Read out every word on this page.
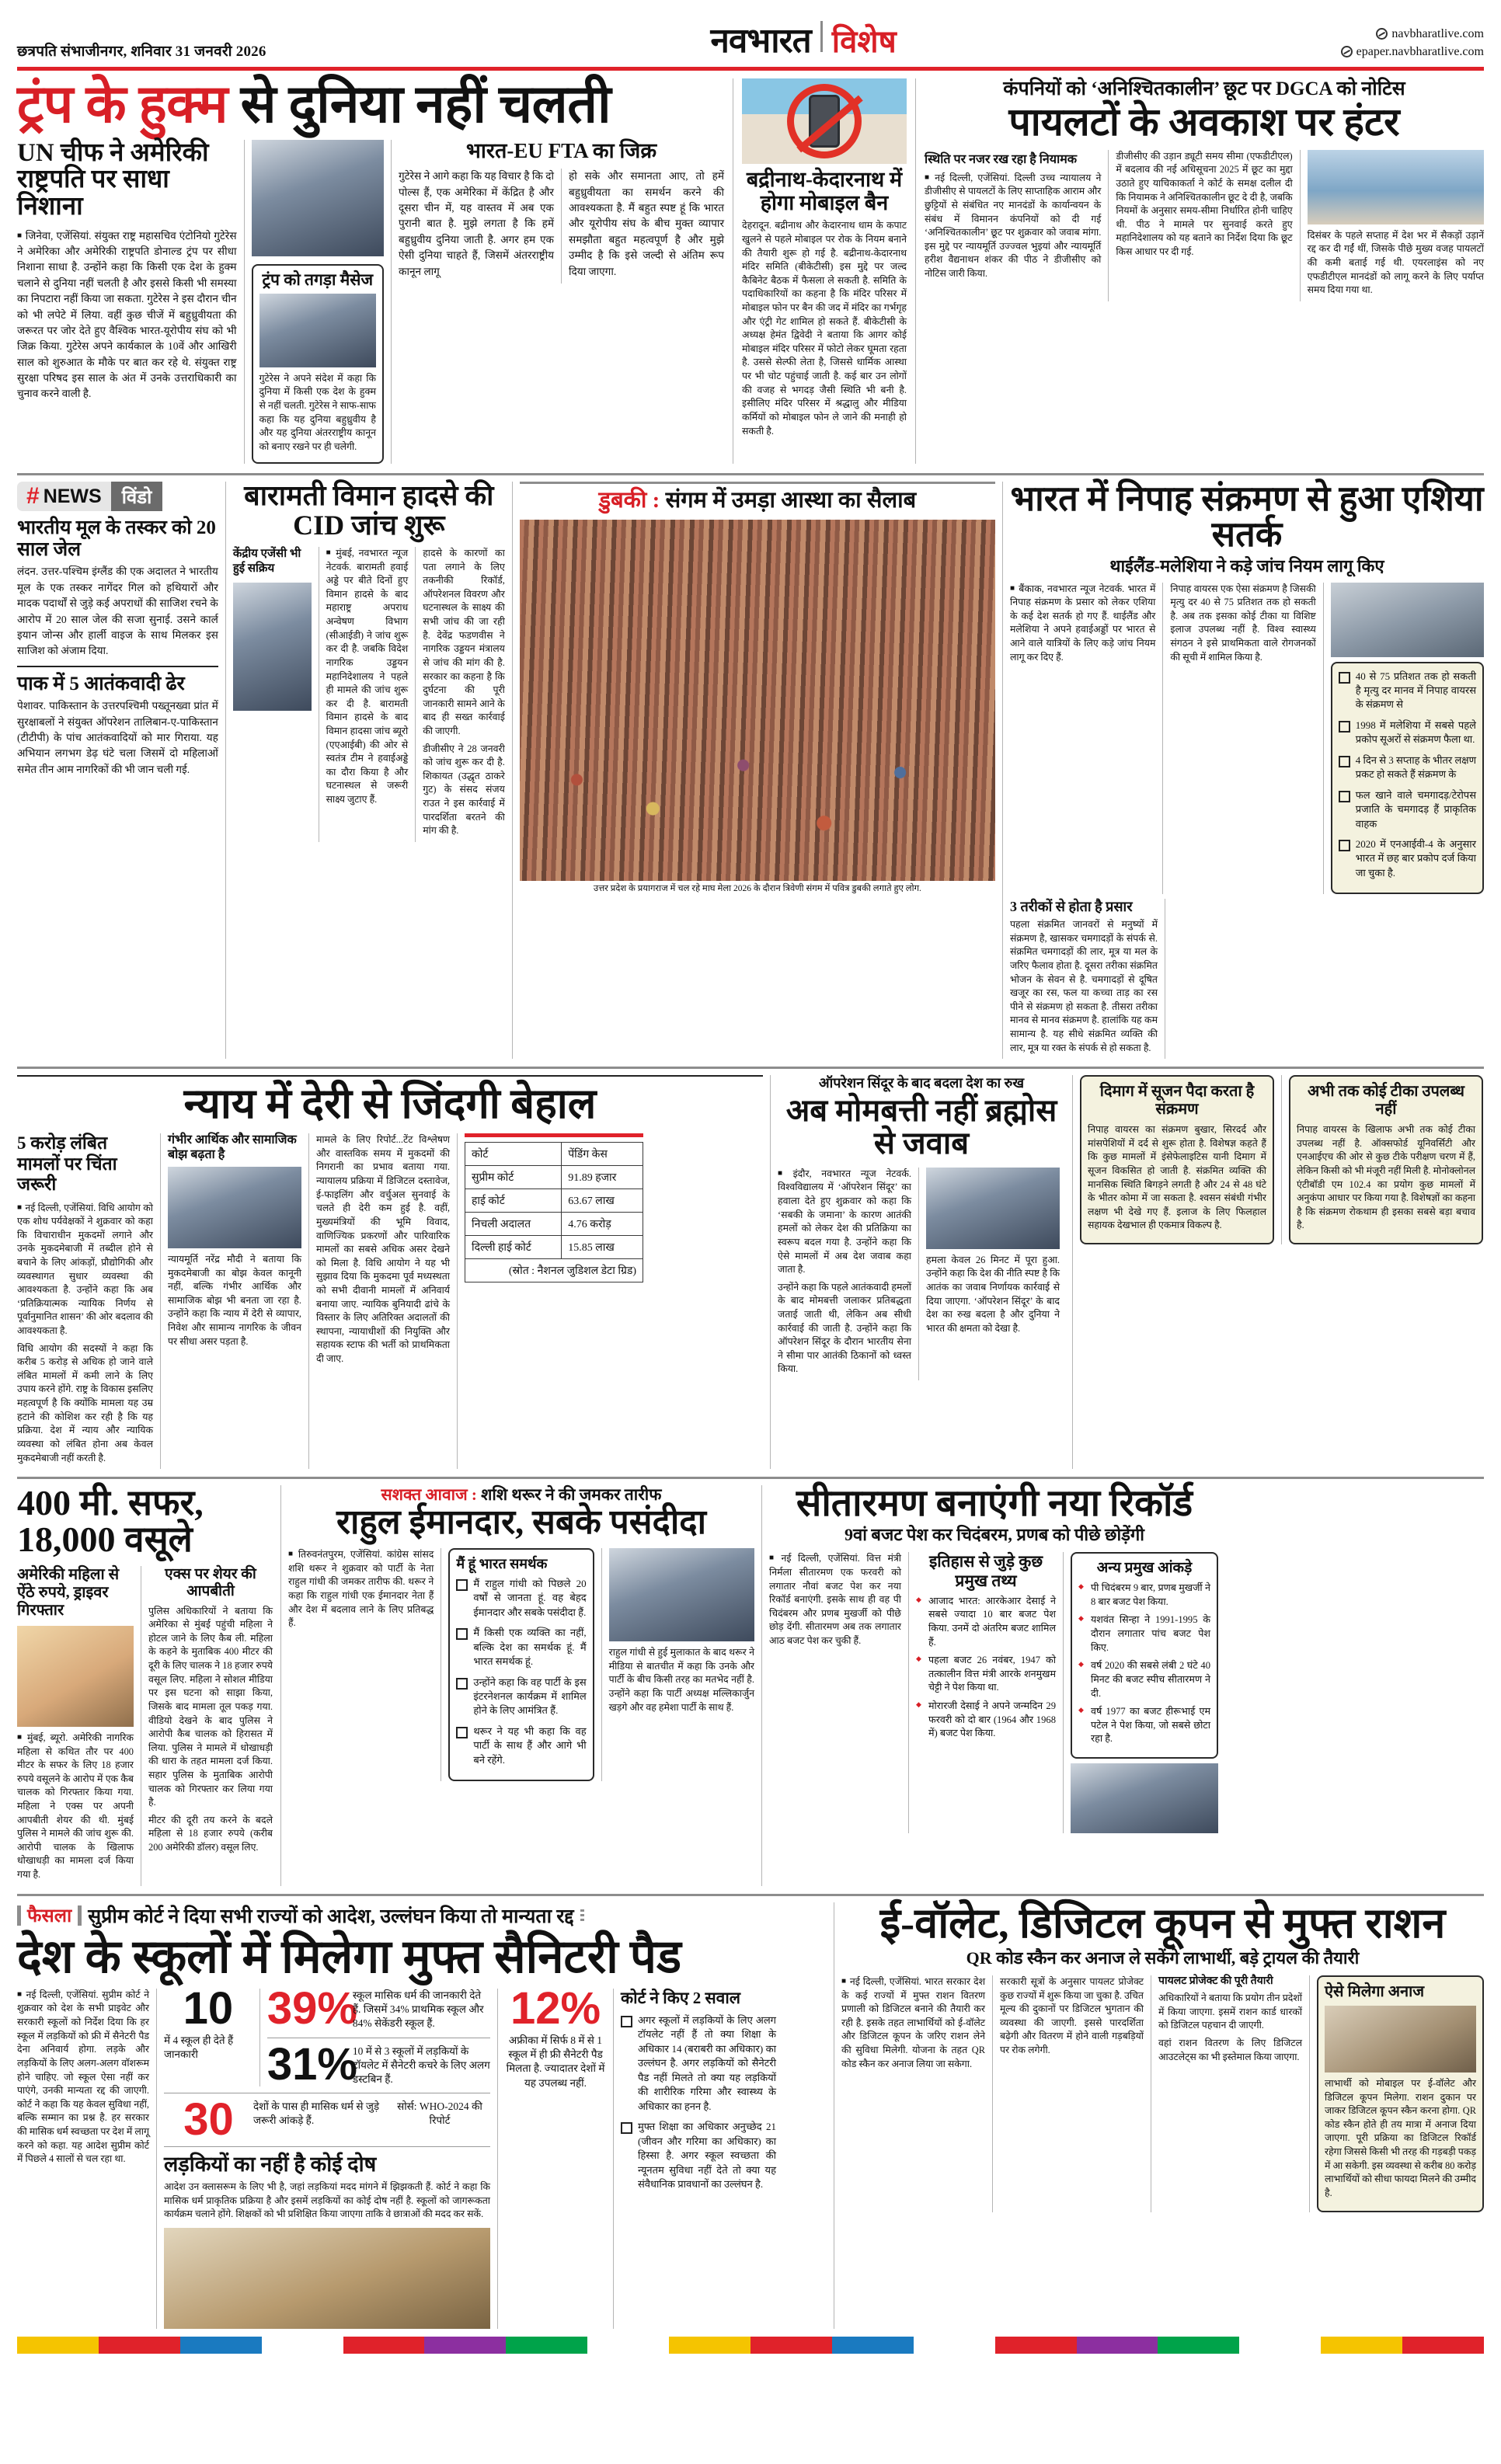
छत्रपति संभाजीनगर, शनिवार 31 जनवरी 2026	नवभारत विशेष	navbharatlive.com
epaper.navbharatlive.com
ट्रंप के हुक्म से दुनिया नहीं चलती
UN चीफ ने अमेरिकी राष्ट्रपति पर साधा निशाना

■ जिनेवा, एजेंसियां. संयुक्त राष्ट्र महासचिव एंटोनियो गुटेरेस ने अमेरिका और अमेरिकी राष्ट्रपति डोनाल्ड ट्रंप पर सीधा निशाना साधा है. उन्होंने कहा कि किसी एक देश के हुक्म चलाने से दुनिया नहीं चलती है और इससे किसी भी समस्या का निपटारा नहीं किया जा सकता. गुटेरेस ने इस दौरान चीन को भी लपेटे में लिया. वहीं कुछ चीजें में बहुध्रुवीयता की जरूरत पर जोर देते हुए वैश्विक भारत-यूरोपीय संघ को भी जिक्र किया. गुटेरेस अपने कार्यकाल के 10वें और आखिरी साल को शुरुआत के मौके पर बात कर रहे थे. संयुक्त राष्ट्र सुरक्षा परिषद इस साल के अंत में उनके उत्तराधिकारी का चुनाव करने वाली है.

ट्रंप को तगड़ा मैसेज

गुटेरेस ने अपने संदेश में कहा कि दुनिया में किसी एक देश के हुक्म से नहीं चलती. गुटेरेस ने साफ-साफ कहा कि यह दुनिया बहुध्रुवीय है और यह दुनिया अंतरराष्ट्रीय कानून को बनाए रखने पर ही चलेगी.

भारत-EU FTA का जिक्र

गुटेरेस ने आगे कहा कि यह विचार है कि दो पोल्स हैं, एक अमेरिका में केंद्रित है और दूसरा चीन में, यह वास्तव में अब एक पुरानी बात है. मुझे लगता है कि हमें बहुध्रुवीय दुनिया जाती है. अगर हम एक ऐसी दुनिया चाहते हैं, जिसमें अंतरराष्ट्रीय कानून लागू

हो सके और समानता आए, तो हमें बहुध्रुवीयता का समर्थन करने की आवश्यकता है. मैं बहुत स्पष्ट हूं कि भारत और यूरोपीय संघ के बीच मुक्त व्यापार समझौता बहुत महत्वपूर्ण है और मुझे उम्मीद है कि इसे जल्दी से अंतिम रूप दिया जाएगा.

बद्रीनाथ-केदारनाथ में होगा मोबाइल बैन

देहरादून. बद्रीनाथ और केदारनाथ धाम के कपाट खुलने से पहले मोबाइल पर रोक के नियम बनाने की तैयारी शुरू हो गई है. बद्रीनाथ-केदारनाथ मंदिर समिति (बीकेटीसी) इस मुद्दे पर जल्द कैबिनेट बैठक में फैसला ले सकती है. समिति के पदाधिकारियों का कहना है कि मंदिर परिसर में मोबाइल फोन पर बैन की जद में मंदिर का गर्भगृह और एंट्री गेट शामिल हो सकते हैं. बीकेटीसी के अध्यक्ष हेमंत द्विवेदी ने बताया कि आगर कोई मोबाइल मंदिर परिसर में फोटो लेकर घूमता रहता है. उससे सेल्फी लेता है, जिससे धार्मिक आस्था पर भी चोट पहुंचाई जाती है. कई बार उन लोगों की वजह से भगदड़ जैसी स्थिति भी बनी है. इसीलिए मंदिर परिसर में श्रद्धालु और मीडिया कर्मियों को मोबाइल फोन ले जाने की मनाही हो सकती है.

कंपनियों को ‘अनिश्चितकालीन’ छूट पर DGCA को नोटिस
पायलटों के अवकाश पर हंटर
स्थिति पर नजर रख रहा है नियामक

■ नई दिल्ली, एजेंसियां. दिल्ली उच्च न्यायालय ने डीजीसीए से पायलटों के लिए साप्ताहिक आराम और छुट्टियों से संबंधित नए मानदंडों के कार्यान्वयन के संबंध में विमानन कंपनियों को दी गई ‘अनिश्चितकालीन’ छूट पर शुक्रवार को जवाब मांगा. इस मुद्दे पर न्यायमूर्ति उज्ज्वल भुइयां और न्यायमूर्ति हरीश वैद्यनाथन शंकर की पीठ ने डीजीसीए को नोटिस जारी किया.

डीजीसीए की उड़ान ड्यूटी समय सीमा (एफडीटीएल) में बदलाव की नई अधिसूचना 2025 में छूट का मुद्दा उठाते हुए याचिकाकर्ता ने कोर्ट के समक्ष दलील दी कि नियामक ने अनिश्चितकालीन छूट दे दी है, जबकि नियमों के अनुसार समय-सीमा निर्धारित होनी चाहिए थी. पीठ ने मामले पर सुनवाई करते हुए महानिदेशालय को यह बताने का निर्देश दिया कि छूट किस आधार पर दी गई.

दिसंबर के पहले सप्ताह में देश भर में सैकड़ों उड़ानें रद्द कर दी गईं थीं, जिसके पीछे मुख्य वजह पायलटों की कमी बताई गई थी. एयरलाइंस को नए एफडीटीएल मानदंडों को लागू करने के लिए पर्याप्त समय दिया गया था.

# NEWS	विंडो
भारतीय मूल के तस्कर को 20 साल जेल

लंदन. उत्तर-पश्चिम इंग्लैंड की एक अदालत ने भारतीय मूल के एक तस्कर नागेंदर गिल को हथियारों और मादक पदार्थों से जुड़े कई अपराधों की साजिश रचने के आरोप में 20 साल जेल की सजा सुनाई. उसने कार्ल इयान जोन्स और हार्ली वाइज के साथ मिलकर इस साजिश को अंजाम दिया.

पाक में 5 आतंकवादी ढेर

पेशावर. पाकिस्तान के उत्तरपश्चिमी पख्तूनख्वा प्रांत में सुरक्षाबलों ने संयुक्त ऑपरेशन तालिबान-ए-पाकिस्तान (टीटीपी) के पांच आतंकवादियों को मार गिराया. यह अभियान लगभग डेढ़ घंटे चला जिसमें दो महिलाओं समेत तीन आम नागरिकों की भी जान चली गई.

बारामती विमान हादसे की CID जांच शुरू
केंद्रीय एजेंसी भी हुई सक्रिय

■ मुंबई, नवभारत न्यूज नेटवर्क. बारामती हवाई अड्डे पर बीते दिनों हुए विमान हादसे के बाद महाराष्ट्र अपराध अन्वेषण विभाग (सीआईडी) ने जांच शुरू कर दी है. जबकि विदेश नागरिक उड्डयन महानिदेशालय ने पहले ही मामले की जांच शुरू कर दी है. बारामती विमान हादसे के बाद विमान हादसा जांच ब्यूरो (एएआईबी) की ओर से स्वतंत्र टीम ने हवाईअड्डे का दौरा किया है और घटनास्थल से जरूरी साक्ष्य जुटाए हैं.

हादसे के कारणों का पता लगाने के लिए तकनीकी रिकॉर्ड, ऑपरेशनल विवरण और घटनास्थल के साक्ष्य की सभी जांच की जा रही है. देवेंद्र फडणवीस ने नागरिक उड्डयन मंत्रालय से जांच की मांग की है. सरकार का कहना है कि दुर्घटना की पूरी जानकारी सामने आने के बाद ही सख्त कार्रवाई की जाएगी.

डीजीसीए ने 28 जनवरी को जांच शुरू कर दी है. शिकायत (उद्धृत ठाकरे गुट) के संसद संजय राउत ने इस कार्रवाई में पारदर्शिता बरतने की मांग की है.

डुबकी : संगम में उमड़ा आस्था का सैलाब
उत्तर प्रदेश के प्रयागराज में चल रहे माघ मेला 2026 के दौरान त्रिवेणी संगम में पवित्र डुबकी लगाते हुए लोग.
भारत में निपाह संक्रमण से हुआ एशिया सतर्क
थाईलैंड-मलेशिया ने कड़े जांच नियम लागू किए

■ बैंकाक, नवभारत न्यूज नेटवर्क. भारत में निपाह संक्रमण के प्रसार को लेकर एशिया के कई देश सतर्क हो गए हैं. थाईलैंड और मलेशिया ने अपने हवाईअड्डों पर भारत से आने वाले यात्रियों के लिए कड़े जांच नियम लागू कर दिए हैं.

निपाह वायरस एक ऐसा संक्रमण है जिसकी मृत्यु दर 40 से 75 प्रतिशत तक हो सकती है. अब तक इसका कोई टीका या विशिष्ट इलाज उपलब्ध नहीं है. विश्व स्वास्थ्य संगठन ने इसे प्राथमिकता वाले रोगजनकों की सूची में शामिल किया है.

40 से 75 प्रतिशत तक हो सकती है मृत्यु दर मानव में निपाह वायरस के संक्रमण से
1998 में मलेशिया में सबसे पहले प्रकोप सूअरों से संक्रमण फैला था.
4 दिन से 3 सप्ताह के भीतर लक्षण प्रकट हो सकते हैं संक्रमण के
फल खाने वाले चमगादड़/टेरोपस प्रजाति के चमगादड़ हैं प्राकृतिक वाहक
2020 में एनआईवी-4 के अनुसार भारत में छह बार प्रकोप दर्ज किया जा चुका है.
3 तरीकों से होता है प्रसार

पहला संक्रमित जानवरों से मनुष्यों में संक्रमण है, खासकर चमगादड़ों के संपर्क से. संक्रमित चमगादड़ों की लार, मूत्र या मल के जरिए फैलाव होता है. दूसरा तरीका संक्रमित भोजन के सेवन से है. चमगादड़ों से दूषित खजूर का रस, फल या कच्चा ताड़ का रस पीने से संक्रमण हो सकता है. तीसरा तरीका मानव से मानव संक्रमण है. हालांकि यह कम सामान्य है. यह सीधे संक्रमित व्यक्ति की लार, मूत्र या रक्त के संपर्क से हो सकता है.

न्याय में देरी से जिंदगी बेहाल
5 करोड़ लंबित मामलों पर चिंता जरूरी

■ नई दिल्ली, एजेंसियां. विधि आयोग को एक शोध पर्यवेक्षकों ने शुक्रवार को कहा कि विचाराधीन मुकदमों लगाने और उनके मुकदमेबाजी में तब्दील होने से बचाने के लिए आंकड़ों, प्रौद्योगिकी और व्यवस्थागत सुधार व्यवस्था की आवश्यकता है. उन्होंने कहा कि अब ‘प्रतिक्रियात्मक न्यायिक निर्णय से पूर्वानुमानित शासन’ की ओर बदलाव की आवश्यकता है.

विधि आयोग की सदस्यों ने कहा कि करीब 5 करोड़ से अधिक हो जाने वाले लंबित मामलों में कमी लाने के लिए उपाय करने होंगे. राष्ट्र के विकास इसलिए महत्वपूर्ण है कि क्योंकि मामला यह उम्र हटाने की कोशिश कर रही है कि यह प्रक्रिया. देश में न्याय और न्यायिक व्यवस्था को लंबित होना अब केवल मुकदमेबाजी नहीं करती है.

गंभीर आर्थिक और सामाजिक बोझ बढ़ता है

न्यायमूर्ति नरेंद्र मौदी ने बताया कि मुकदमेबाजी का बोझ केवल कानूनी नहीं, बल्कि गंभीर आर्थिक और सामाजिक बोझ भी बनता जा रहा है. उन्होंने कहा कि न्याय में देरी से व्यापार, निवेश और सामान्य नागरिक के जीवन पर सीधा असर पड़ता है.

मामले के लिए रिपोर्ट...टेंट विश्लेषण और वास्तविक समय में मुकदमों की निगरानी का प्रभाव बताया गया. न्यायालय प्रक्रिया में डिजिटल दस्तावेज, ई-फाइलिंग और वर्चुअल सुनवाई के चलते ही देरी कम हुई है. वहीं, मुख्यमंत्रियों की भूमि विवाद, वाणिज्यिक प्रकरणों और पारिवारिक मामलों का सबसे अधिक असर देखने को मिला है. विधि आयोग ने यह भी सुझाव दिया कि मुकदमा पूर्व मध्यस्थता को सभी दीवानी मामलों में अनिवार्य बनाया जाए. न्यायिक बुनियादी ढांचे के विस्तार के लिए अतिरिक्त अदालतों की स्थापना, न्यायाधीशों की नियुक्ति और सहायक स्टाफ की भर्ती को प्राथमिकता दी जाए.

कोर्ट	पेंडिंग केस
सुप्रीम कोर्ट	91.89 हजार
हाई कोर्ट	63.67 लाख
निचली अदालत	4.76 करोड़
दिल्ली हाई कोर्ट	15.85 लाख
(स्रोत : नैशनल जुडिशल डेटा ग्रिड)	
ऑपरेशन सिंदूर के बाद बदला देश का रुख
अब मोमबत्ती नहीं ब्रह्मोस से जवाब

■ इंदौर, नवभारत न्यूज नेटवर्क. विश्वविद्यालय में ‘ऑपरेशन सिंदूर’ का हवाला देते हुए शुक्रवार को कहा कि ‘सबकी के जमाना’ के कारण आतंकी हमलों को लेकर देश की प्रतिक्रिया का स्वरूप बदल गया है. उन्होंने कहा कि ऐसे मामलों में अब देश जवाब कहा जाता है.

उन्होंने कहा कि पहले आतंकवादी हमलों के बाद मोमबत्ती जलाकर प्रतिबद्धता जताई जाती थी, लेकिन अब सीधी कार्रवाई की जाती है. उन्होंने कहा कि ऑपरेशन सिंदूर के दौरान भारतीय सेना ने सीमा पार आतंकी ठिकानों को ध्वस्त किया.

हमला केवल 26 मिनट में पूरा हुआ. उन्होंने कहा कि देश की नीति स्पष्ट है कि आतंक का जवाब निर्णायक कार्रवाई से दिया जाएगा. ‘ऑपरेशन सिंदूर’ के बाद देश का रुख बदला है और दुनिया ने भारत की क्षमता को देखा है.

दिमाग में सूजन पैदा करता है संक्रमण

निपाह वायरस का संक्रमण बुखार, सिरदर्द और मांसपेशियों में दर्द से शुरू होता है. विशेषज्ञ कहते हैं कि कुछ मामलों में इंसेफेलाइटिस यानी दिमाग में सूजन विकसित हो जाती है. संक्रमित व्यक्ति की मानसिक स्थिति बिगड़ने लगती है और 24 से 48 घंटे के भीतर कोमा में जा सकता है. श्वसन संबंधी गंभीर लक्षण भी देखे गए हैं. इलाज के लिए फिलहाल सहायक देखभाल ही एकमात्र विकल्प है.

अभी तक कोई टीका उपलब्ध नहीं

निपाह वायरस के खिलाफ अभी तक कोई टीका उपलब्ध नहीं है. ऑक्सफोर्ड यूनिवर्सिटी और एनआईएच की ओर से कुछ टीके परीक्षण चरण में हैं, लेकिन किसी को भी मंजूरी नहीं मिली है. मोनोक्लोनल एंटीबॉडी एम 102.4 का प्रयोग कुछ मामलों में अनुकंपा आधार पर किया गया है. विशेषज्ञों का कहना है कि संक्रमण रोकथाम ही इसका सबसे बड़ा बचाव है.

400 मी. सफर, 18,000 वसूले
अमेरिकी महिला से ऐंठे रुपये, ड्राइवर गिरफ्तार

■ मुंबई, ब्यूरो. अमेरिकी नागरिक महिला से कथित तौर पर 400 मीटर के सफर के लिए 18 हजार रुपये वसूलने के आरोप में एक कैब चालक को गिरफ्तार किया गया. महिला ने एक्स पर अपनी आपबीती शेयर की थी. मुंबई पुलिस ने मामले की जांच शुरू की. आरोपी चालक के खिलाफ धोखाधड़ी का मामला दर्ज किया गया है.

एक्स पर शेयर की आपबीती

पुलिस अधिकारियों ने बताया कि अमेरिका से मुंबई पहुंची महिला ने होटल जाने के लिए कैब ली. महिला के कहने के मुताबिक 400 मीटर की दूरी के लिए चालक ने 18 हजार रुपये वसूल लिए. महिला ने सोशल मीडिया पर इस घटना को साझा किया, जिसके बाद मामला तूल पकड़ गया. वीडियो देखने के बाद पुलिस ने आरोपी कैब चालक को हिरासत में लिया. पुलिस ने मामले में धोखाधड़ी की धारा के तहत मामला दर्ज किया. सहार पुलिस के मुताबिक आरोपी चालक को गिरफ्तार कर लिया गया है.

मीटर की दूरी तय करने के बदले महिला से 18 हजार रुपये (करीब 200 अमेरिकी डॉलर) वसूल लिए.

सशक्त आवाज : शशि थरूर ने की जमकर तारीफ
राहुल ईमानदार, सबके पसंदीदा

■ तिरुवनंतपुरम, एजेंसियां. कांग्रेस सांसद शशि थरूर ने शुक्रवार को पार्टी के नेता राहुल गांधी की जमकर तारीफ की. थरूर ने कहा कि राहुल गांधी एक ईमानदार नेता हैं और देश में बदलाव लाने के लिए प्रतिबद्ध हैं.

मैं हूं भारत समर्थक
मैं राहुल गांधी को पिछले 20 वर्षों से जानता हूं. वह बेहद ईमानदार और सबके पसंदीदा हैं.
मैं किसी एक व्यक्ति का नहीं, बल्कि देश का समर्थक हूं. मैं भारत समर्थक हूं.
उन्होंने कहा कि वह पार्टी के इस इंटरनेशनल कार्यक्रम में शामिल होने के लिए आमंत्रित हैं.
थरूर ने यह भी कहा कि वह पार्टी के साथ हैं और आगे भी बने रहेंगे.

राहुल गांधी से हुई मुलाकात के बाद थरूर ने मीडिया से बातचीत में कहा कि उनके और पार्टी के बीच किसी तरह का मतभेद नहीं है. उन्होंने कहा कि पार्टी अध्यक्ष मल्लिकार्जुन खड़गे और वह हमेशा पार्टी के साथ हैं.

सीतारमण बनाएंगी नया रिकॉर्ड
9वां बजट पेश कर चिदंबरम, प्रणब को पीछे छोड़ेंगी

■ नई दिल्ली, एजेंसियां. वित्त मंत्री निर्मला सीतारमण एक फरवरी को लगातार नौवां बजट पेश कर नया रिकॉर्ड बनाएंगी. इसके साथ ही वह पी चिदंबरम और प्रणब मुखर्जी को पीछे छोड़ देंगी. सीतारमण अब तक लगातार आठ बजट पेश कर चुकी हैं.

इतिहास से जुड़े कुछ प्रमुख तथ्य
◆ आजाद भारत: आरकेआर देसाई ने सबसे ज्यादा 10 बार बजट पेश किया. उनमें दो अंतरिम बजट शामिल हैं.
◆ पहला बजट 26 नवंबर, 1947 को तत्कालीन वित्त मंत्री आरके शनमुखम चेट्टी ने पेश किया था.
◆ मोरारजी देसाई ने अपने जन्मदिन 29 फरवरी को दो बार (1964 और 1968 में) बजट पेश किया.
अन्य प्रमुख आंकड़े
◆ पी चिदंबरम 9 बार, प्रणब मुखर्जी ने 8 बार बजट पेश किया.
◆ यशवंत सिन्हा ने 1991-1995 के दौरान लगातार पांच बजट पेश किए.
◆ वर्ष 2020 की सबसे लंबी 2 घंटे 40 मिनट की बजट स्पीच सीतारमण ने दी.
◆ वर्ष 1977 का बजट हीरूभाई एम पटेल ने पेश किया, जो सबसे छोटा रहा है.
फैसला सुप्रीम कोर्ट ने दिया सभी राज्यों को आदेश, उल्लंघन किया तो मान्यता रद्द
देश के स्कूलों में मिलेगा मुफ्त सैनिटरी पैड

■ नई दिल्ली, एजेंसियां. सुप्रीम कोर्ट ने शुक्रवार को देश के सभी प्राइवेट और सरकारी स्कूलों को निर्देश दिया कि हर स्कूल में लड़कियों को फ्री में सैनेटरी पैड देना अनिवार्य होगा. लड़के और लड़कियों के लिए अलग-अलग वॉशरूम होने चाहिए. जो स्कूल ऐसा नहीं कर पाएंगे, उनकी मान्यता रद्द की जाएगी. कोर्ट ने कहा कि यह केवल सुविधा नहीं, बल्कि सम्मान का प्रश्न है. हर सरकार की मासिक धर्म स्वच्छता पर देश में लागू करने को कहा. यह आदेश सुप्रीम कोर्ट में पिछले 4 सालों से चल रहा था.

10
में 4 स्कूल ही देते हैं जानकारी
39%
स्कूल मासिक धर्म की जानकारी देते हैं. जिसमें 34% प्राथमिक स्कूल और 84% सेकेंडरी स्कूल हैं.
31%
10 में से 3 स्कूलों में लड़कियों के टॉयलेट में सैनेटरी कचरे के लिए अलग डस्टबिन हैं.
30	देशों के पास ही मासिक धर्म से जुड़े जरूरी आंकड़े हैं.
सोर्स: WHO-2024 की रिपोर्ट
लड़कियों का नहीं है कोई दोष

आदेश उन क्लासरूम के लिए भी है, जहां लड़कियां मदद मांगने में झिझकती हैं. कोर्ट ने कहा कि मासिक धर्म प्राकृतिक प्रक्रिया है और इसमें लड़कियों का कोई दोष नहीं है. स्कूलों को जागरूकता कार्यक्रम चलाने होंगे. शिक्षकों को भी प्रशिक्षित किया जाएगा ताकि वे छात्राओं की मदद कर सकें.

12%
अफ्रीका में सिर्फ 8 में से 1 स्कूल में ही फ्री सैनेटरी पैड मिलता है. ज्यादातर देशों में यह उपलब्ध नहीं.
कोर्ट ने किए 2 सवाल
अगर स्कूलों में लड़कियों के लिए अलग टॉयलेट नहीं हैं तो क्या शिक्षा के अधिकार 14 (बराबरी का अधिकार) का उल्लंघन है. अगर लड़कियों को सैनेटरी पैड नहीं मिलते तो क्या यह लड़कियों की शारीरिक गरिमा और स्वास्थ्य के अधिकार का हनन है.
मुफ्त शिक्षा का अधिकार अनुच्छेद 21 (जीवन और गरिमा का अधिकार) का हिस्सा है. अगर स्कूल स्वच्छता की न्यूनतम सुविधा नहीं देते तो क्या यह संवैधानिक प्रावधानों का उल्लंघन है.
ई-वॉलेट, डिजिटल कूपन से मुफ्त राशन
QR कोड स्कैन कर अनाज ले सकेंगे लाभार्थी, बड़े ट्रायल की तैयारी

■ नई दिल्ली, एजेंसियां. भारत सरकार देश के कई राज्यों में मुफ्त राशन वितरण प्रणाली को डिजिटल बनाने की तैयारी कर रही है. इसके तहत लाभार्थियों को ई-वॉलेट और डिजिटल कूपन के जरिए राशन लेने की सुविधा मिलेगी. योजना के तहत QR कोड स्कैन कर अनाज लिया जा सकेगा.

सरकारी सूत्रों के अनुसार पायलट प्रोजेक्ट कुछ राज्यों में शुरू किया जा चुका है. उचित मूल्य की दुकानों पर डिजिटल भुगतान की व्यवस्था की जाएगी. इससे पारदर्शिता बढ़ेगी और वितरण में होने वाली गड़बड़ियों पर रोक लगेगी.

पायलट प्रोजेक्ट की पूरी तैयारी

अधिकारियों ने बताया कि प्रयोग तीन प्रदेशों में किया जाएगा. इसमें राशन कार्ड धारकों को डिजिटल पहचान दी जाएगी.

वहां राशन वितरण के लिए डिजिटल आउटलेट्स का भी इस्तेमाल किया जाएगा.

ऐसे मिलेगा अनाज

लाभार्थी को मोबाइल पर ई-वॉलेट और डिजिटल कूपन मिलेगा. राशन दुकान पर जाकर डिजिटल कूपन स्कैन करना होगा. QR कोड स्कैन होते ही तय मात्रा में अनाज दिया जाएगा. पूरी प्रक्रिया का डिजिटल रिकॉर्ड रहेगा जिससे किसी भी तरह की गड़बड़ी पकड़ में आ सकेगी. इस व्यवस्था से करीब 80 करोड़ लाभार्थियों को सीधा फायदा मिलने की उम्मीद है.
